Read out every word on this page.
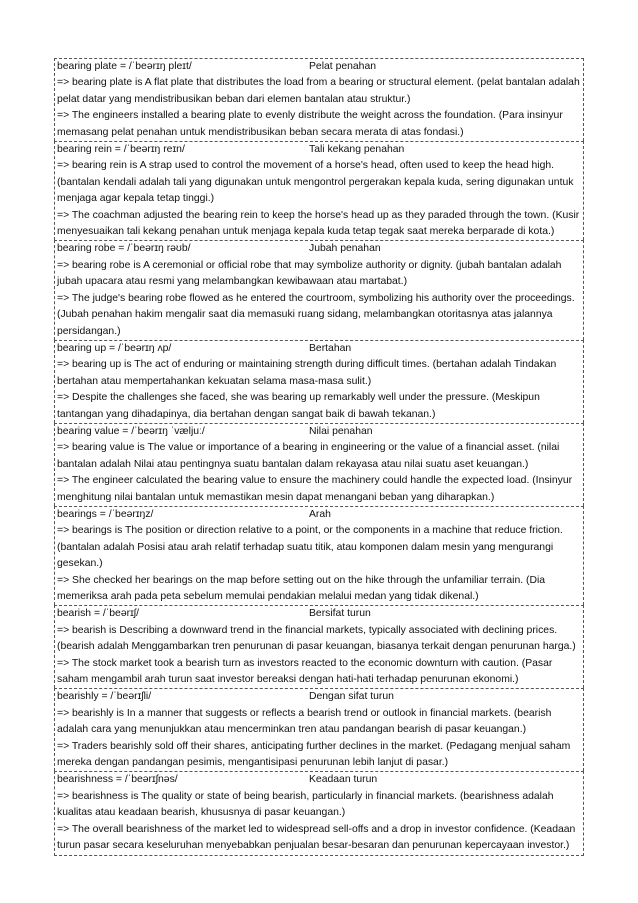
bearing plate = /ˈbeərɪŋ pleɪt/	Pelat penahan
=> bearing plate is A flat plate that distributes the load from a bearing or structural element. (pelat bantalan adalah pelat datar yang mendistribusikan beban dari elemen bantalan atau struktur.)
=> The engineers installed a bearing plate to evenly distribute the weight across the foundation. (Para insinyur memasang pelat penahan untuk mendistribusikan beban secara merata di atas fondasi.)
bearing rein = /ˈbeərɪŋ reɪn/	Tali kekang penahan
=> bearing rein is A strap used to control the movement of a horse's head, often used to keep the head high. (bantalan kendali adalah tali yang digunakan untuk mengontrol pergerakan kepala kuda, sering digunakan untuk menjaga agar kepala tetap tinggi.)
=> The coachman adjusted the bearing rein to keep the horse's head up as they paraded through the town. (Kusir menyesuaikan tali kekang penahan untuk menjaga kepala kuda tetap tegak saat mereka berparade di kota.)
bearing robe = /ˈbeərɪŋ rəʊb/	Jubah penahan
=> bearing robe is A ceremonial or official robe that may symbolize authority or dignity. (jubah bantalan adalah jubah upacara atau resmi yang melambangkan kewibawaan atau martabat.)
=> The judge's bearing robe flowed as he entered the courtroom, symbolizing his authority over the proceedings. (Jubah penahan hakim mengalir saat dia memasuki ruang sidang, melambangkan otoritasnya atas jalannya persidangan.)
bearing up = /ˈbeərɪŋ ʌp/	Bertahan
=> bearing up is The act of enduring or maintaining strength during difficult times. (bertahan adalah Tindakan bertahan atau mempertahankan kekuatan selama masa-masa sulit.)
=> Despite the challenges she faced, she was bearing up remarkably well under the pressure. (Meskipun tantangan yang dihadapinya, dia bertahan dengan sangat baik di bawah tekanan.)
bearing value = /ˈbeərɪŋ ˈvæljuː/	Nilai penahan
=> bearing value is The value or importance of a bearing in engineering or the value of a financial asset. (nilai bantalan adalah Nilai atau pentingnya suatu bantalan dalam rekayasa atau nilai suatu aset keuangan.)
=> The engineer calculated the bearing value to ensure the machinery could handle the expected load. (Insinyur menghitung nilai bantalan untuk memastikan mesin dapat menangani beban yang diharapkan.)
bearings = /ˈbeərɪŋz/	Arah
=> bearings is The position or direction relative to a point, or the components in a machine that reduce friction. (bantalan adalah Posisi atau arah relatif terhadap suatu titik, atau komponen dalam mesin yang mengurangi gesekan.)
=> She checked her bearings on the map before setting out on the hike through the unfamiliar terrain. (Dia memeriksa arah pada peta sebelum memulai pendakian melalui medan yang tidak dikenal.)
bearish = /ˈbeərɪʃ/	Bersifat turun
=> bearish is Describing a downward trend in the financial markets, typically associated with declining prices. (bearish adalah Menggambarkan tren penurunan di pasar keuangan, biasanya terkait dengan penurunan harga.)
=> The stock market took a bearish turn as investors reacted to the economic downturn with caution. (Pasar saham mengambil arah turun saat investor bereaksi dengan hati-hati terhadap penurunan ekonomi.)
bearishly = /ˈbeərɪʃli/	Dengan sifat turun
=> bearishly is In a manner that suggests or reflects a bearish trend or outlook in financial markets. (bearish adalah cara yang menunjukkan atau mencerminkan tren atau pandangan bearish di pasar keuangan.)
=> Traders bearishly sold off their shares, anticipating further declines in the market. (Pedagang menjual saham mereka dengan pandangan pesimis, mengantisipasi penurunan lebih lanjut di pasar.)
bearishness = /ˈbeərɪʃnəs/	Keadaan turun
=> bearishness is The quality or state of being bearish, particularly in financial markets. (bearishness adalah kualitas atau keadaan bearish, khususnya di pasar keuangan.)
=> The overall bearishness of the market led to widespread sell-offs and a drop in investor confidence. (Keadaan turun pasar secara keseluruhan menyebabkan penjualan besar-besaran dan penurunan kepercayaan investor.)
